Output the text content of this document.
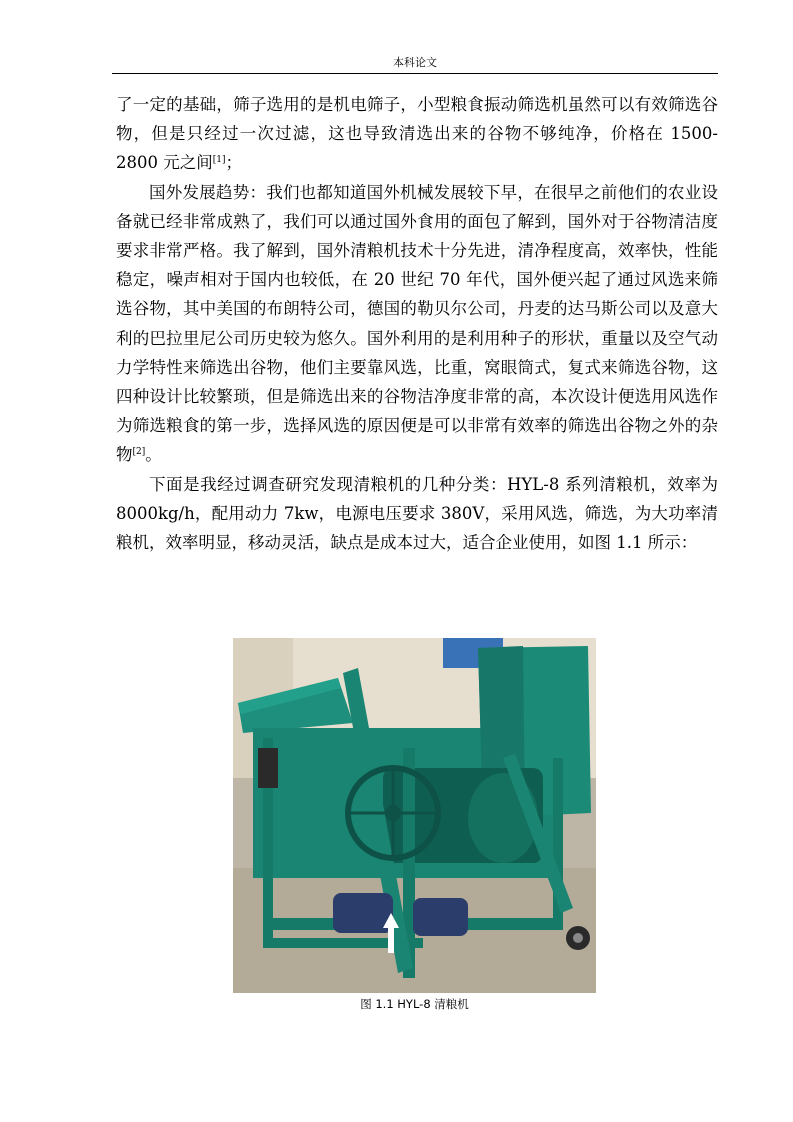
本科论文

了一定的基础，筛子选用的是机电筛子，小型粮食振动筛选机虽然可以有效筛选谷物，但是只经过一次过滤，这也导致清选出来的谷物不够纯净，价格在 1500-2800 元之间[1]；

国外发展趋势：我们也都知道国外机械发展较下早，在很早之前他们的农业设备就已经非常成熟了，我们可以通过国外食用的面包了解到，国外对于谷物清洁度要求非常严格。我了解到，国外清粮机技术十分先进，清净程度高，效率快，性能稳定，噪声相对于国内也较低，在 20 世纪 70 年代，国外便兴起了通过风选来筛选谷物，其中美国的布朗特公司，德国的勒贝尔公司，丹麦的达马斯公司以及意大利的巴拉里尼公司历史较为悠久。国外利用的是利用种子的形状，重量以及空气动力学特性来筛选出谷物，他们主要靠风选，比重，窝眼筒式，复式来筛选谷物，这四种设计比较繁琐，但是筛选出来的谷物洁净度非常的高，本次设计便选用风选作为筛选粮食的第一步，选择风选的原因便是可以非常有效率的筛选出谷物之外的杂物[2]。

下面是我经过调查研究发现清粮机的几种分类：HYL-8 系列清粮机，效率为 8000kg/h，配用动力 7kw，电源电压要求 380V，采用风选，筛选，为大功率清粮机，效率明显，移动灵活，缺点是成本过大，适合企业使用，如图 1.1 所示：

图 1.1 HYL-8 清粮机
